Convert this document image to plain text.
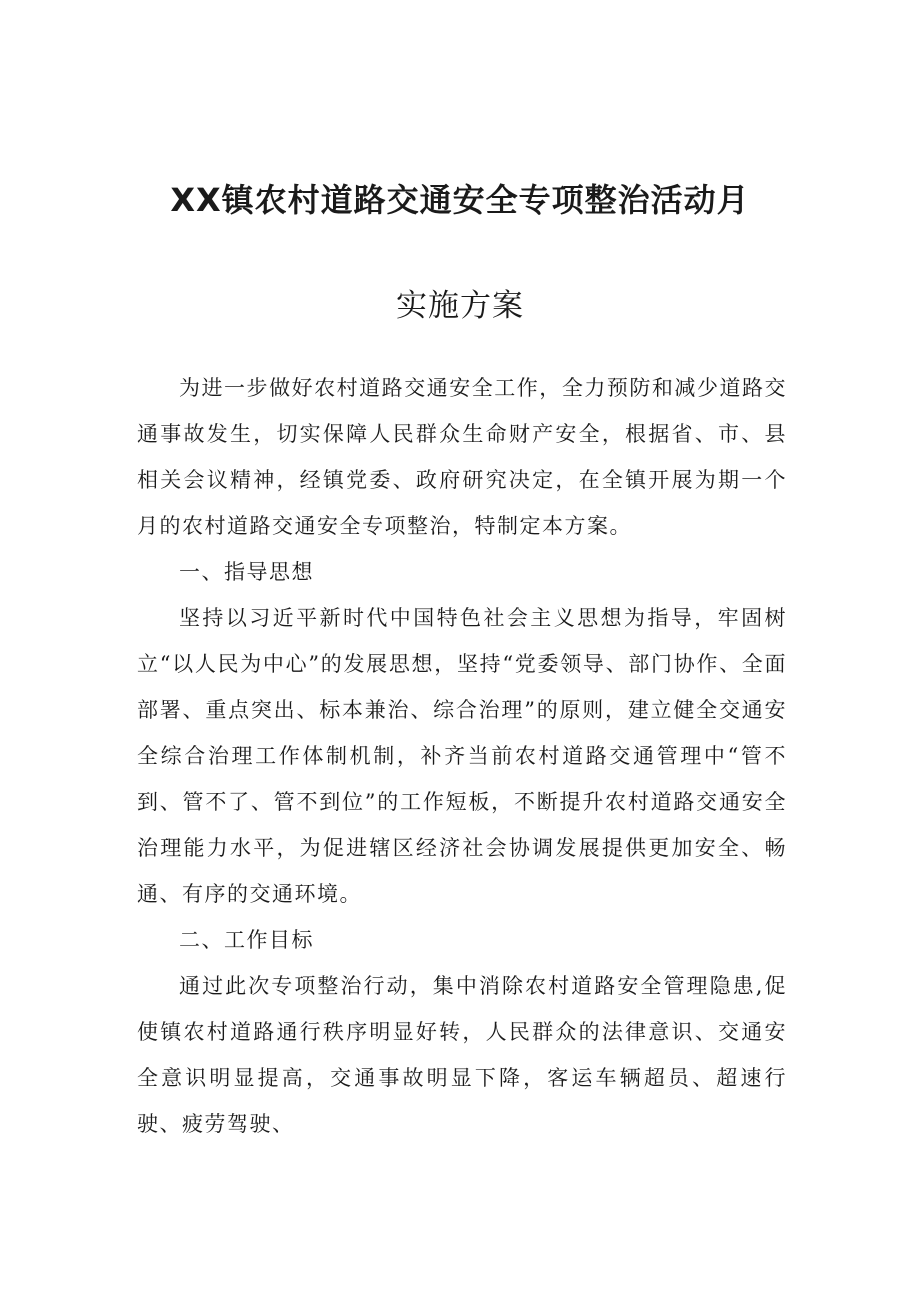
XX镇农村道路交通安全专项整治活动月
实施方案

为进一步做好农村道路交通安全工作，全力预防和减少道路交通事故发生，切实保障人民群众生命财产安全，根据省、市、县相关会议精神，经镇党委、政府研究决定，在全镇开展为期一个月的农村道路交通安全专项整治，特制定本方案。

一、指导思想

坚持以习近平新时代中国特色社会主义思想为指导，牢固树立“以人民为中心”的发展思想，坚持“党委领导、部门协作、全面部署、重点突出、标本兼治、综合治理”的原则，建立健全交通安全综合治理工作体制机制，补齐当前农村道路交通管理中“管不到、管不了、管不到位”的工作短板，不断提升农村道路交通安全治理能力水平，为促进辖区经济社会协调发展提供更加安全、畅通、有序的交通环境。

二、工作目标

通过此次专项整治行动，集中消除农村道路安全管理隐患,促使镇农村道路通行秩序明显好转，人民群众的法律意识、交通安全意识明显提高，交通事故明显下降，客运车辆超员、超速行驶、疲劳驾驶、
